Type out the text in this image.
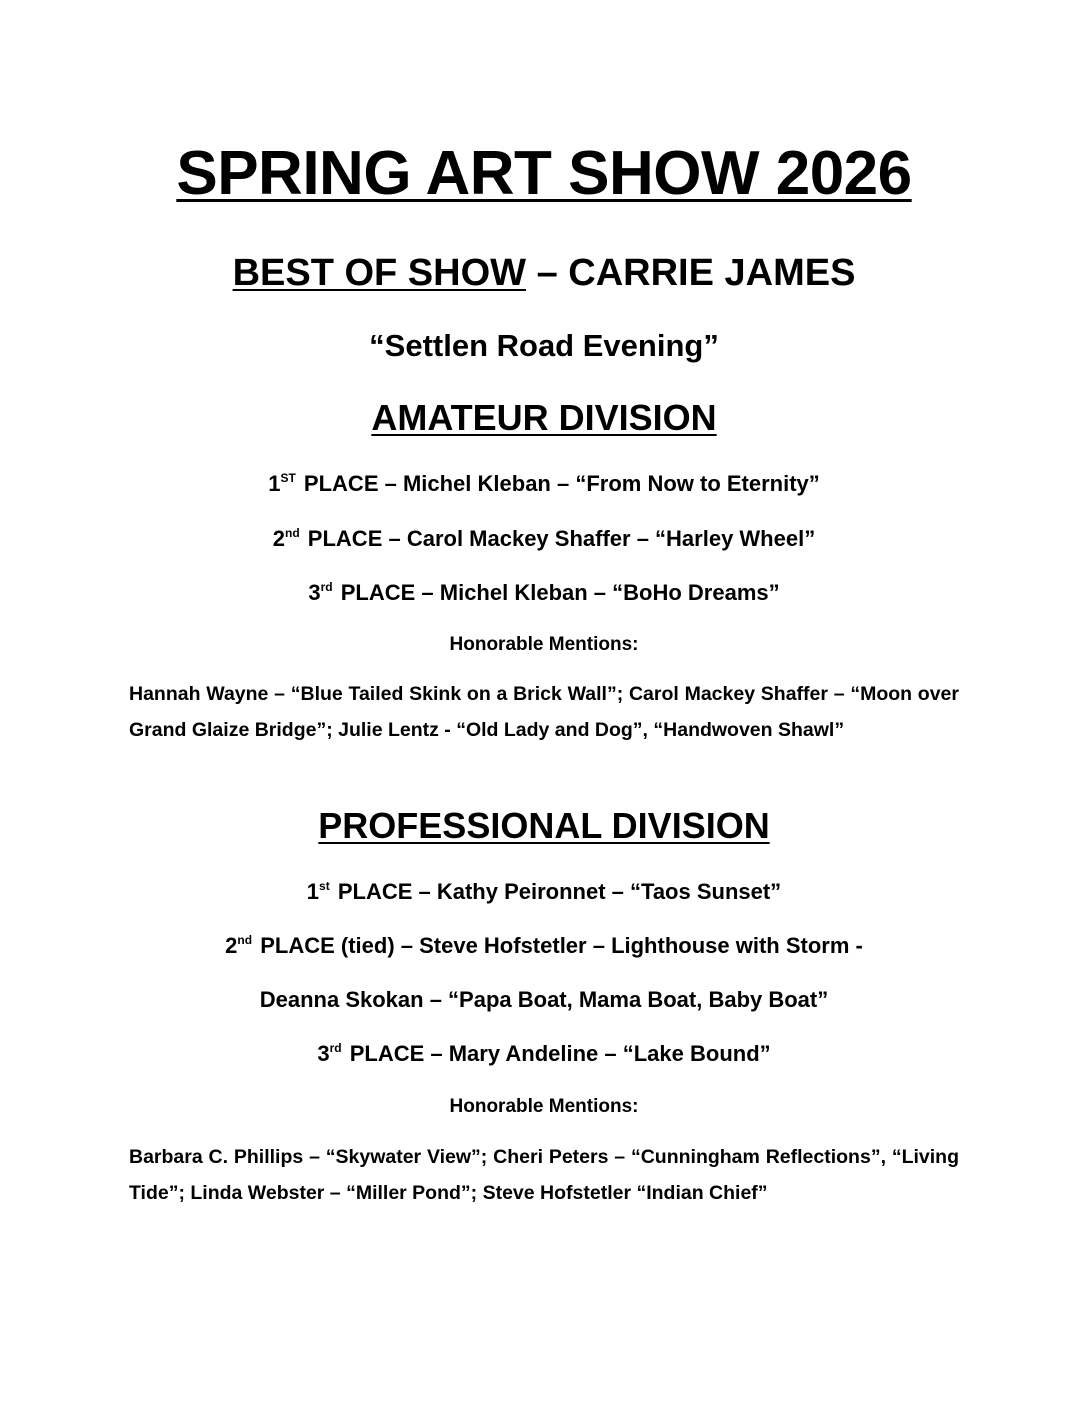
SPRING ART SHOW 2026
BEST OF SHOW – CARRIE JAMES
“Settlen Road Evening”
AMATEUR DIVISION
1ST PLACE – Michel Kleban – “From Now to Eternity”
2nd PLACE – Carol Mackey Shaffer – “Harley Wheel”
3rd PLACE – Michel Kleban – “BoHo Dreams”
Honorable Mentions:
Hannah Wayne – “Blue Tailed Skink on a Brick Wall”; Carol Mackey Shaffer – “Moon over Grand Glaize Bridge”; Julie Lentz - “Old Lady and Dog”, “Handwoven Shawl”
PROFESSIONAL DIVISION
1st PLACE – Kathy Peironnet – “Taos Sunset”
2nd PLACE (tied) – Steve Hofstetler – Lighthouse with Storm -
Deanna Skokan – “Papa Boat, Mama Boat, Baby Boat”
3rd PLACE – Mary Andeline – “Lake Bound”
Honorable Mentions:
Barbara C. Phillips – “Skywater View”; Cheri Peters – “Cunningham Reflections”, “Living Tide”; Linda Webster – “Miller Pond”; Steve Hofstetler “Indian Chief”
